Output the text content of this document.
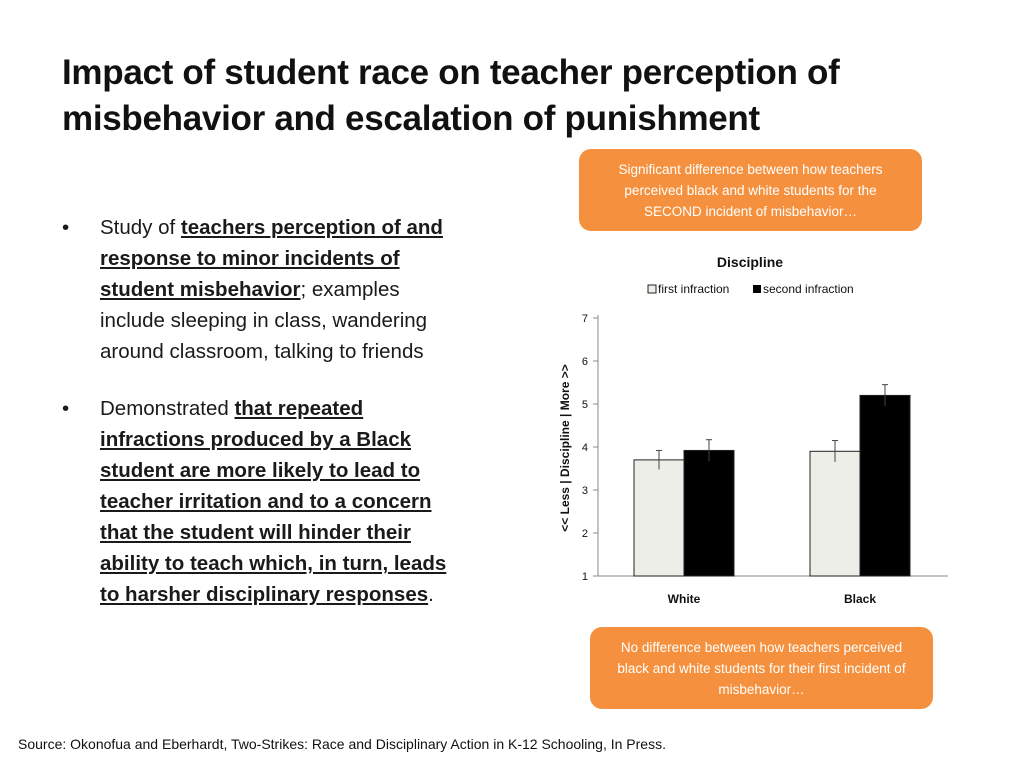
Impact of student race on teacher perception of misbehavior and escalation of punishment
• Study of teachers perception of and response to minor incidents of student misbehavior; examples include sleeping in class, wandering around classroom, talking to friends
• Demonstrated that repeated infractions produced by a Black student are more likely to lead to teacher irritation and to a concern that the student will hinder their ability to teach which, in turn, leads to harsher disciplinary responses.
Significant difference between how teachers perceived black and white students for the SECOND incident of misbehavior…
Discipline
first infraction	second infraction
<< Less | Discipline | More >>
1
2
3
4
5
6
7
White	Black
No difference between how teachers perceived black and white students for their first incident of misbehavior…
Source: Okonofua and Eberhardt, Two-Strikes: Race and Disciplinary Action in K-12 Schooling, In Press.
